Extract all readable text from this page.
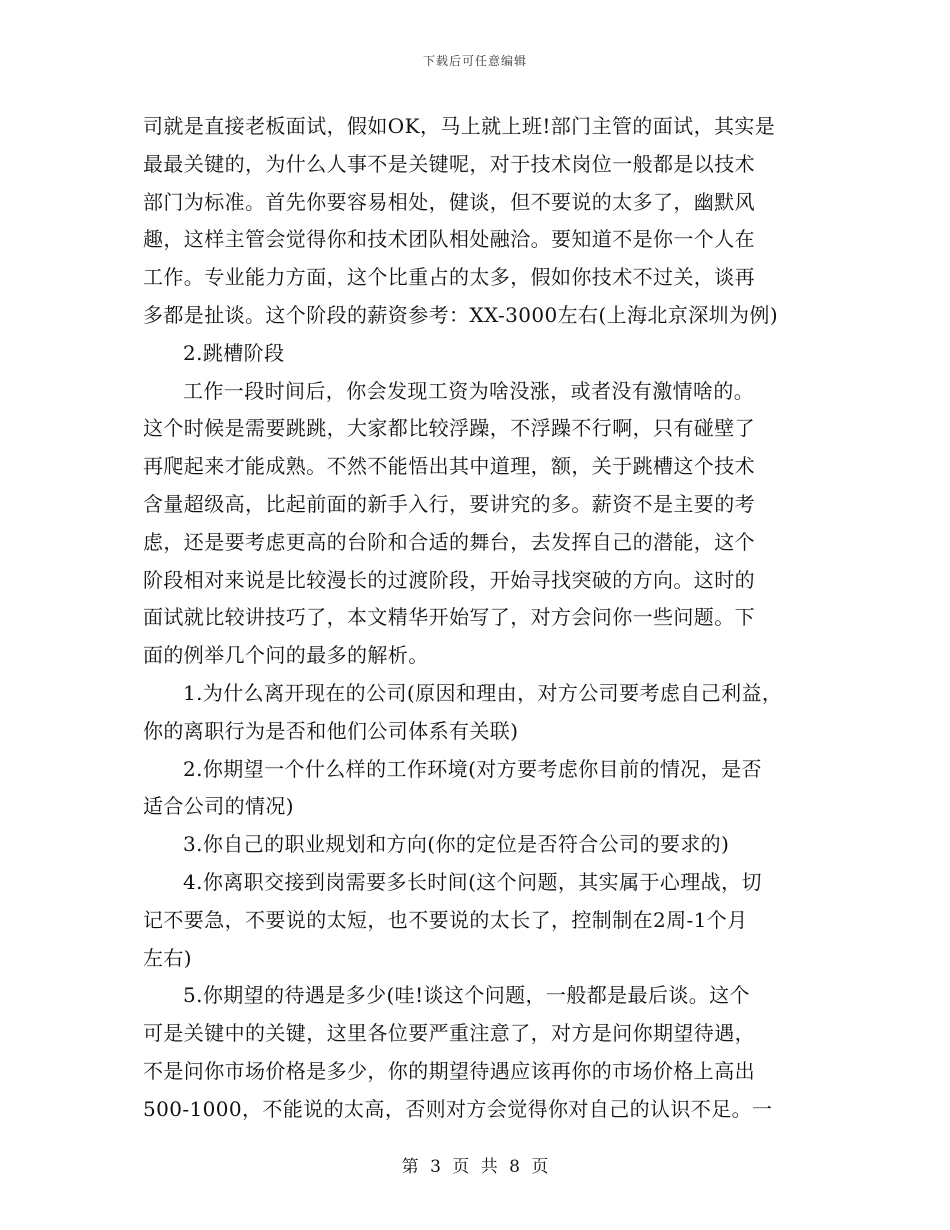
下载后可任意编辑
司就是直接老板面试，假如OK，马上就上班!部门主管的面试，其实是
最最关键的，为什么人事不是关键呢，对于技术岗位一般都是以技术
部门为标准。首先你要容易相处，健谈，但不要说的太多了，幽默风
趣，这样主管会觉得你和技术团队相处融洽。要知道不是你一个人在
工作。专业能力方面，这个比重占的太多，假如你技术不过关，谈再
多都是扯谈。这个阶段的薪资参考：XX-3000左右(上海北京深圳为例)
2.跳槽阶段
工作一段时间后，你会发现工资为啥没涨，或者没有激情啥的。
这个时候是需要跳跳，大家都比较浮躁，不浮躁不行啊，只有碰壁了
再爬起来才能成熟。不然不能悟出其中道理，额，关于跳槽这个技术
含量超级高，比起前面的新手入行，要讲究的多。薪资不是主要的考
虑，还是要考虑更高的台阶和合适的舞台，去发挥自己的潜能，这个
阶段相对来说是比较漫长的过渡阶段，开始寻找突破的方向。这时的
面试就比较讲技巧了，本文精华开始写了，对方会问你一些问题。下
面的例举几个问的最多的解析。
1.为什么离开现在的公司(原因和理由，对方公司要考虑自己利益，
你的离职行为是否和他们公司体系有关联)
2.你期望一个什么样的工作环境(对方要考虑你目前的情况，是否
适合公司的情况)
3.你自己的职业规划和方向(你的定位是否符合公司的要求的)
4.你离职交接到岗需要多长时间(这个问题，其实属于心理战，切
记不要急，不要说的太短，也不要说的太长了，控制制在2周-1个月
左右)
5.你期望的待遇是多少(哇!谈这个问题，一般都是最后谈。这个
可是关键中的关键，这里各位要严重注意了，对方是问你期望待遇，
不是问你市场价格是多少，你的期望待遇应该再你的市场价格上高出
500-1000，不能说的太高，否则对方会觉得你对自己的认识不足。一
第 3 页 共 8 页
